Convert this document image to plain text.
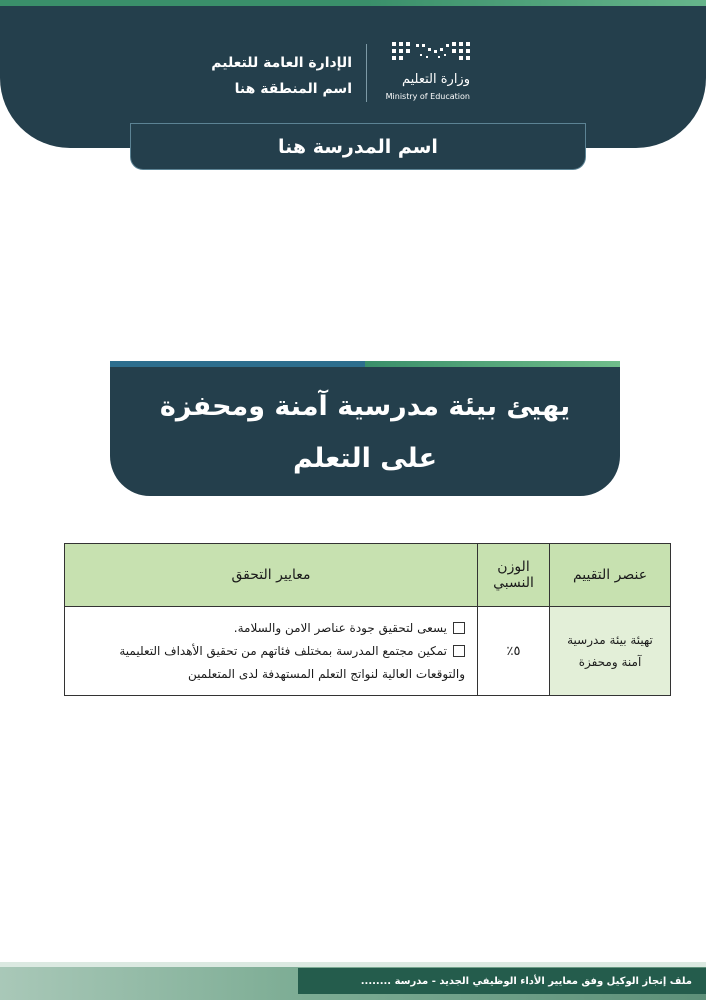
وزارة التعليم
Ministry of Education
الإدارة العامة للتعليم
اسم المنطقة هنا
اسم المدرسة هنا
يهيئ بيئة مدرسية آمنة ومحفزة
على التعلم
عنصر التقييم	الوزن النسبي	معايير التحقق
تهيئة بيئة مدرسية آمنة ومحفزة	٥٪	يسعى لتحقيق جودة عناصر الامن والسلامة.
تمكين مجتمع المدرسة بمختلف فئاتهم من تحقيق الأهداف التعليمية والتوقعات العالية لنواتج التعلم المستهدفة لدى المتعلمين
ملف إنجاز الوكيل وفق معايير الأداء الوظيفي الجديد - مدرسة ........
